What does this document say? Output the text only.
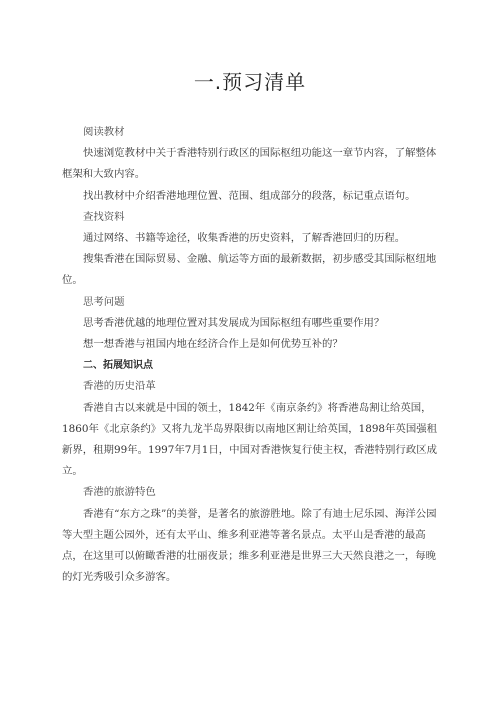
一.预习清单

阅读教材

快速浏览教材中关于香港特别行政区的国际枢纽功能这一章节内容，了解整体框架和大致内容。

找出教材中介绍香港地理位置、范围、组成部分的段落，标记重点语句。

查找资料

通过网络、书籍等途径，收集香港的历史资料，了解香港回归的历程。

搜集香港在国际贸易、金融、航运等方面的最新数据，初步感受其国际枢纽地位。

思考问题

思考香港优越的地理位置对其发展成为国际枢纽有哪些重要作用？

想一想香港与祖国内地在经济合作上是如何优势互补的？

二、拓展知识点

香港的历史沿革

香港自古以来就是中国的领土，1842年《南京条约》将香港岛割让给英国，1860年《北京条约》又将九龙半岛界限街以南地区割让给英国，1898年英国强租新界，租期99年。1997年7月1日，中国对香港恢复行使主权，香港特别行政区成立。

香港的旅游特色

香港有“东方之珠”的美誉，是著名的旅游胜地。除了有迪士尼乐园、海洋公园等大型主题公园外，还有太平山、维多利亚港等著名景点。太平山是香港的最高点，在这里可以俯瞰香港的壮丽夜景；维多利亚港是世界三大天然良港之一，每晚的灯光秀吸引众多游客。
